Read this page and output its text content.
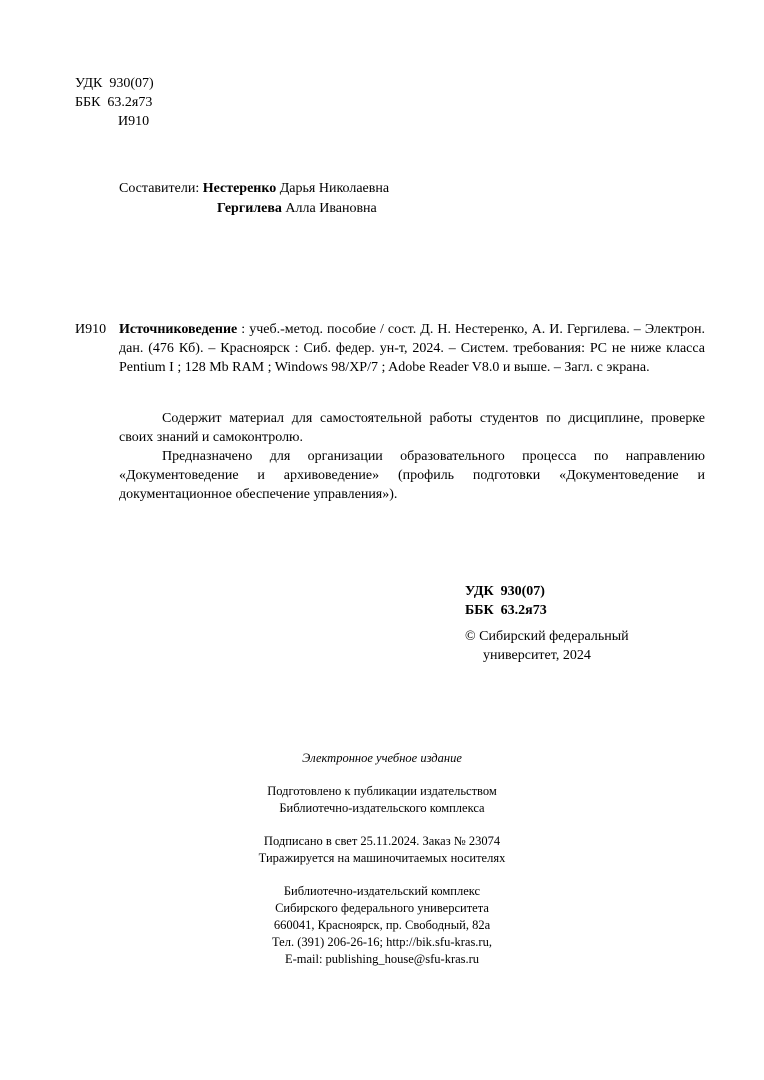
УДК  930(07)
ББК  63.2я73
И910
Составители: Нестеренко Дарья Николаевна
Гергилева Алла Ивановна
И910 Источниковедение : учеб.-метод. пособие / сост. Д. Н. Нестеренко, А. И. Гергилева. – Электрон. дан. (476 Кб). – Красноярск : Сиб. федер. ун-т, 2024. – Систем. требования: PC не ниже класса Pentium I ; 128 Mb RAM ; Windows 98/XP/7 ; Adobe Reader V8.0 и выше. – Загл. с экрана.

Содержит материал для самостоятельной работы студентов по дисциплине, проверке своих знаний и самоконтролю.

Предназначено для организации образовательного процесса по направлению «Документоведение и архивоведение» (профиль подготовки «Документоведение и документационное обеспечение управления»).

УДК  930(07)
ББК  63.2я73
© Сибирский федеральный
университет, 2024
Электронное учебное издание
Подготовлено к публикации издательством
Библиотечно-издательского комплекса
Подписано в свет 25.11.2024. Заказ № 23074
Тиражируется на машиночитаемых носителях
Библиотечно-издательский комплекс
Сибирского федерального университета
660041, Красноярск, пр. Свободный, 82а
Тел. (391) 206-26-16; http://bik.sfu-kras.ru,
E-mail: publishing_house@sfu-kras.ru
